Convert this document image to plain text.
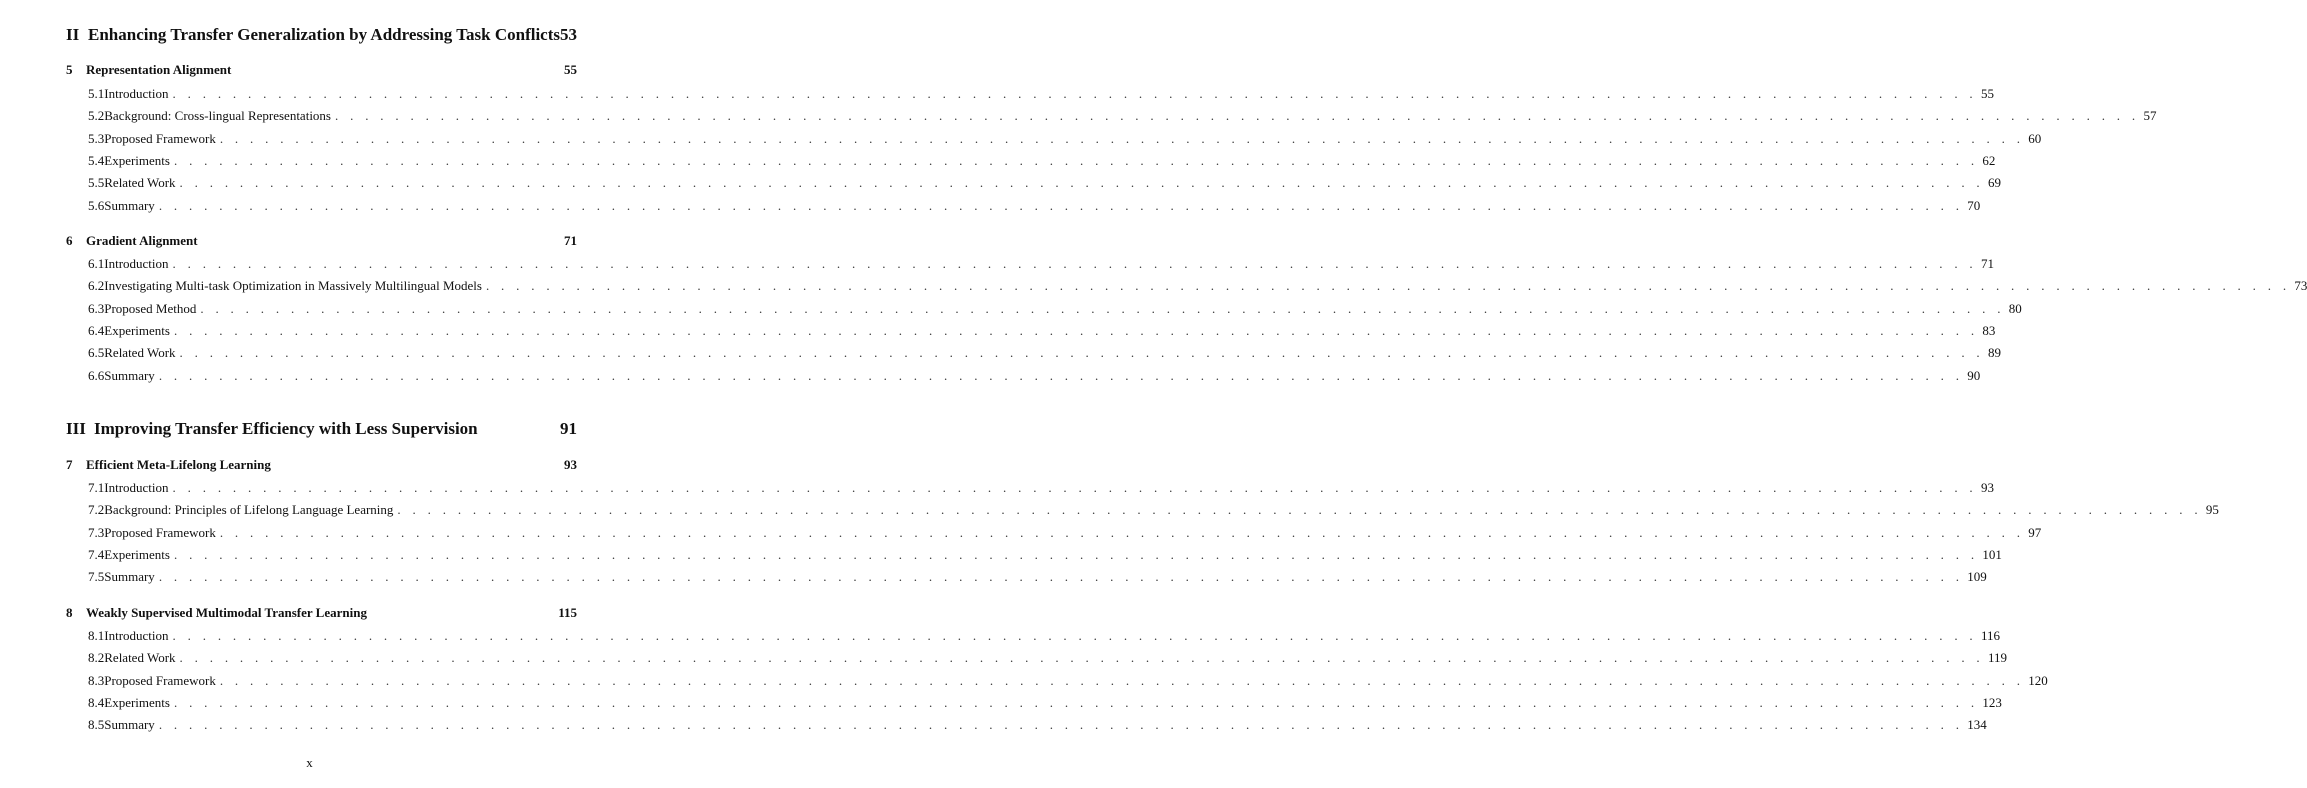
II Enhancing Transfer Generalization by Addressing Task Conflicts 53
5	Representation Alignment	55
5.1 Introduction . . . . . . . . . . . . . . . . . . . . . . . . . . . . . . . . . . . . . . . . . . . . . . . . . . . . . . . . . . . . . . . . . . . . . . . . . . . . . . . . . . . . . . . . . . . . . . . . . . . . . . . . . . . . . . . . . . . . . . . . 55
5.2 Background: Cross-lingual Representations . . . . . . . . . . . . . . . . . . . . . . . . . . . . . . . . . . . . . . . . . . . . . . . . . . . . . . . . . . . . . . . . . . . . . . . . . . . . . . . . . . . . . . . . . . . . . . . . . . . . . . . . . . . . . . . . . . . . . . . . 57
5.3 Proposed Framework . . . . . . . . . . . . . . . . . . . . . . . . . . . . . . . . . . . . . . . . . . . . . . . . . . . . . . . . . . . . . . . . . . . . . . . . . . . . . . . . . . . . . . . . . . . . . . . . . . . . . . . . . . . . . . . . . . . . . . . . 60
5.4 Experiments . . . . . . . . . . . . . . . . . . . . . . . . . . . . . . . . . . . . . . . . . . . . . . . . . . . . . . . . . . . . . . . . . . . . . . . . . . . . . . . . . . . . . . . . . . . . . . . . . . . . . . . . . . . . . . . . . . . . . . . . 62
5.5 Related Work . . . . . . . . . . . . . . . . . . . . . . . . . . . . . . . . . . . . . . . . . . . . . . . . . . . . . . . . . . . . . . . . . . . . . . . . . . . . . . . . . . . . . . . . . . . . . . . . . . . . . . . . . . . . . . . . . . . . . . . . 69
5.6 Summary . . . . . . . . . . . . . . . . . . . . . . . . . . . . . . . . . . . . . . . . . . . . . . . . . . . . . . . . . . . . . . . . . . . . . . . . . . . . . . . . . . . . . . . . . . . . . . . . . . . . . . . . . . . . . . . . . . . . . . . . 70
6	Gradient Alignment	71
6.1 Introduction . . . . . . . . . . . . . . . . . . . . . . . . . . . . . . . . . . . . . . . . . . . . . . . . . . . . . . . . . . . . . . . . . . . . . . . . . . . . . . . . . . . . . . . . . . . . . . . . . . . . . . . . . . . . . . . . . . . . . . . . 71
6.2 Investigating Multi-task Optimization in Massively Multilingual Models . . . . . . . . . . . . . . . . . . . . . . . . . . . . . . . . . . . . . . . . . . . . . . . . . . . . . . . . . . . . . . . . . . . . . . . . . . . . . . . . . . . . . . . . . . . . . . . . . . . . . . . . . . . . . . . . . . . . . . . . 73
6.3 Proposed Method . . . . . . . . . . . . . . . . . . . . . . . . . . . . . . . . . . . . . . . . . . . . . . . . . . . . . . . . . . . . . . . . . . . . . . . . . . . . . . . . . . . . . . . . . . . . . . . . . . . . . . . . . . . . . . . . . . . . . . . . 80
6.4 Experiments . . . . . . . . . . . . . . . . . . . . . . . . . . . . . . . . . . . . . . . . . . . . . . . . . . . . . . . . . . . . . . . . . . . . . . . . . . . . . . . . . . . . . . . . . . . . . . . . . . . . . . . . . . . . . . . . . . . . . . . . 83
6.5 Related Work . . . . . . . . . . . . . . . . . . . . . . . . . . . . . . . . . . . . . . . . . . . . . . . . . . . . . . . . . . . . . . . . . . . . . . . . . . . . . . . . . . . . . . . . . . . . . . . . . . . . . . . . . . . . . . . . . . . . . . . . 89
6.6 Summary . . . . . . . . . . . . . . . . . . . . . . . . . . . . . . . . . . . . . . . . . . . . . . . . . . . . . . . . . . . . . . . . . . . . . . . . . . . . . . . . . . . . . . . . . . . . . . . . . . . . . . . . . . . . . . . . . . . . . . . . 90
III Improving Transfer Efficiency with Less Supervision	91
7	Efficient Meta-Lifelong Learning	93
7.1 Introduction . . . . . . . . . . . . . . . . . . . . . . . . . . . . . . . . . . . . . . . . . . . . . . . . . . . . . . . . . . . . . . . . . . . . . . . . . . . . . . . . . . . . . . . . . . . . . . . . . . . . . . . . . . . . . . . . . . . . . . . . 93
7.2 Background: Principles of Lifelong Language Learning . . . . . . . . . . . . . . . . . . . . . . . . . . . . . . . . . . . . . . . . . . . . . . . . . . . . . . . . . . . . . . . . . . . . . . . . . . . . . . . . . . . . . . . . . . . . . . . . . . . . . . . . . . . . . . . . . . . . . . . . 95
7.3 Proposed Framework . . . . . . . . . . . . . . . . . . . . . . . . . . . . . . . . . . . . . . . . . . . . . . . . . . . . . . . . . . . . . . . . . . . . . . . . . . . . . . . . . . . . . . . . . . . . . . . . . . . . . . . . . . . . . . . . . . . . . . . . 97
7.4 Experiments . . . . . . . . . . . . . . . . . . . . . . . . . . . . . . . . . . . . . . . . . . . . . . . . . . . . . . . . . . . . . . . . . . . . . . . . . . . . . . . . . . . . . . . . . . . . . . . . . . . . . . . . . . . . . . . . . . . . . . . . 101
7.5 Summary . . . . . . . . . . . . . . . . . . . . . . . . . . . . . . . . . . . . . . . . . . . . . . . . . . . . . . . . . . . . . . . . . . . . . . . . . . . . . . . . . . . . . . . . . . . . . . . . . . . . . . . . . . . . . . . . . . . . . . . . 109
8	Weakly Supervised Multimodal Transfer Learning	115
8.1 Introduction . . . . . . . . . . . . . . . . . . . . . . . . . . . . . . . . . . . . . . . . . . . . . . . . . . . . . . . . . . . . . . . . . . . . . . . . . . . . . . . . . . . . . . . . . . . . . . . . . . . . . . . . . . . . . . . . . . . . . . . . 116
8.2 Related Work . . . . . . . . . . . . . . . . . . . . . . . . . . . . . . . . . . . . . . . . . . . . . . . . . . . . . . . . . . . . . . . . . . . . . . . . . . . . . . . . . . . . . . . . . . . . . . . . . . . . . . . . . . . . . . . . . . . . . . . . 119
8.3 Proposed Framework . . . . . . . . . . . . . . . . . . . . . . . . . . . . . . . . . . . . . . . . . . . . . . . . . . . . . . . . . . . . . . . . . . . . . . . . . . . . . . . . . . . . . . . . . . . . . . . . . . . . . . . . . . . . . . . . . . . . . . . . 120
8.4 Experiments . . . . . . . . . . . . . . . . . . . . . . . . . . . . . . . . . . . . . . . . . . . . . . . . . . . . . . . . . . . . . . . . . . . . . . . . . . . . . . . . . . . . . . . . . . . . . . . . . . . . . . . . . . . . . . . . . . . . . . . . 123
8.5 Summary . . . . . . . . . . . . . . . . . . . . . . . . . . . . . . . . . . . . . . . . . . . . . . . . . . . . . . . . . . . . . . . . . . . . . . . . . . . . . . . . . . . . . . . . . . . . . . . . . . . . . . . . . . . . . . . . . . . . . . . . 134
x
